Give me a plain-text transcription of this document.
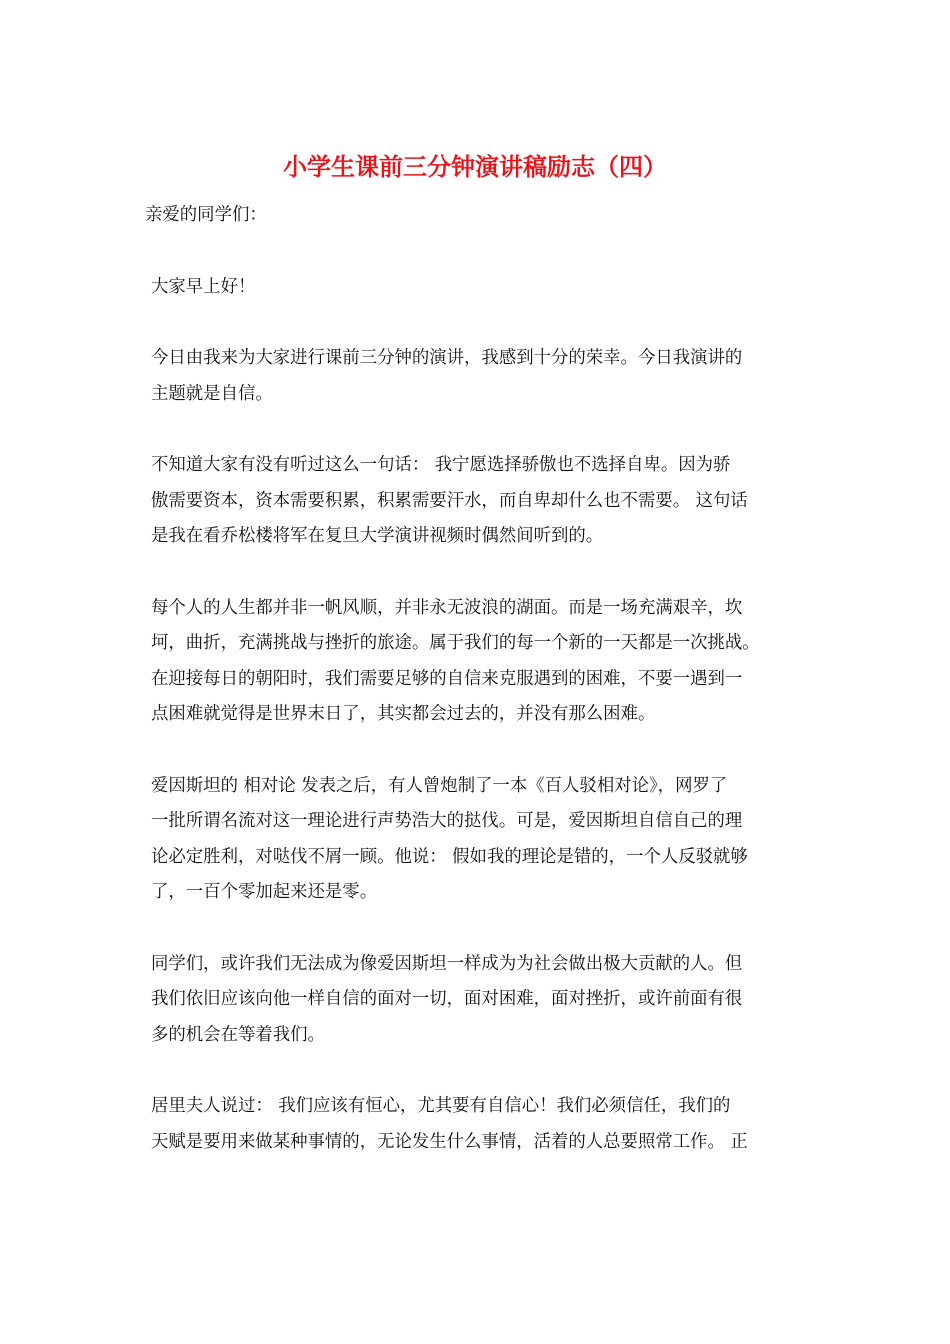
小学生课前三分钟演讲稿励志（四）

亲爱的同学们：

大家早上好！

今日由我来为大家进行课前三分钟的演讲，我感到十分的荣幸。今日我演讲的
主题就是自信。

不知道大家有没有听过这么一句话： 我宁愿选择骄傲也不选择自卑。因为骄
傲需要资本，资本需要积累，积累需要汗水，而自卑却什么也不需要。 这句话
是我在看乔松楼将军在复旦大学演讲视频时偶然间听到的。

每个人的人生都并非一帆风顺，并非永无波浪的湖面。而是一场充满艰辛，坎
坷，曲折，充满挑战与挫折的旅途。属于我们的每一个新的一天都是一次挑战。
在迎接每日的朝阳时，我们需要足够的自信来克服遇到的困难，不要一遇到一
点困难就觉得是世界末日了，其实都会过去的，并没有那么困难。

爱因斯坦的 相对论 发表之后，有人曾炮制了一本《百人驳相对论》，网罗了
一批所谓名流对这一理论进行声势浩大的挞伐。可是，爱因斯坦自信自己的理
论必定胜利，对哒伐不屑一顾。他说： 假如我的理论是错的，一个人反驳就够
了，一百个零加起来还是零。

同学们，或许我们无法成为像爱因斯坦一样成为为社会做出极大贡献的人。但
我们依旧应该向他一样自信的面对一切，面对困难，面对挫折，或许前面有很
多的机会在等着我们。

居里夫人说过： 我们应该有恒心，尤其要有自信心！我们必须信任，我们的
天赋是要用来做某种事情的，无论发生什么事情，活着的人总要照常工作。 正
